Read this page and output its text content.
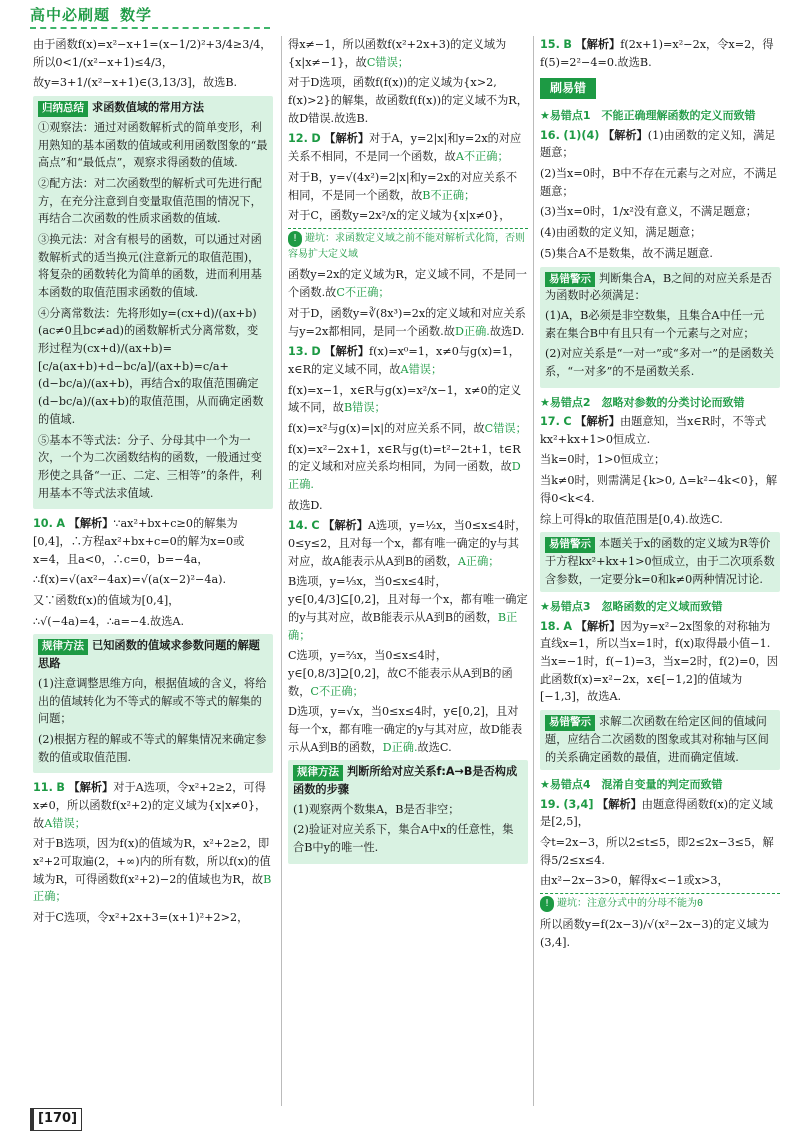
高中必刷题 数学

由于函数f(x)=x²−x+1=(x−1/2)²+3/4≥3/4，所以0<1/(x²−x+1)≤4/3，

故y=3+1/(x²−x+1)∈(3,13/3]，故选B.

归纳总结 求函数值域的常用方法

①观察法：通过对函数解析式的简单变形，利用熟知的基本函数的值域或利用函数图象的“最高点”和“最低点”，观察求得函数的值域.

②配方法：对二次函数型的解析式可先进行配方，在充分注意到自变量取值范围的情况下，再结合二次函数的性质求函数的值域.

③换元法：对含有根号的函数，可以通过对函数解析式的适当换元(注意新元的取值范围)，将复杂的函数转化为简单的函数，进而利用基本函数的取值范围求函数的值域.

④分离常数法：先将形如y=(cx+d)/(ax+b)(ac≠0且bc≠ad)的函数解析式分离常数，变形过程为(cx+d)/(ax+b)=[c/a(ax+b)+d−bc/a]/(ax+b)=c/a+(d−bc/a)/(ax+b)，再结合x的取值范围确定(d−bc/a)/(ax+b)的取值范围，从而确定函数的值域.

⑤基本不等式法：分子、分母其中一个为一次，一个为二次函数结构的函数，一般通过变形使之具备“一正、二定、三相等”的条件，利用基本不等式法求值域.

10. A 【解析】∵ax²+bx+c≥0的解集为[0,4]，∴方程ax²+bx+c=0的解为x=0或x=4，且a<0，∴c=0，b=−4a，

∴f(x)=√(ax²−4ax)=√(a(x−2)²−4a).

又∵函数f(x)的值域为[0,4]，

∴√(−4a)=4，∴a=−4.故选A.

规律方法 已知函数的值域求参数问题的解题思路

(1)注意调整思维方向，根据值域的含义，将给出的值域转化为不等式的解或不等式的解集的问题；

(2)根据方程的解或不等式的解集情况来确定参数的值或取值范围.

11. B 【解析】对于A选项，令x²+2≥2，可得x≠0，所以函数f(x²+2)的定义域为{x|x≠0}，故A错误；

对于B选项，因为f(x)的值域为R，x²+2≥2，即x²+2可取遍(2，+∞)内的所有数，所以f(x)的值域为R，可得函数f(x²+2)−2的值域也为R，故B正确；

对于C选项，令x²+2x+3=(x+1)²+2>2，

得x≠−1，所以函数f(x²+2x+3)的定义域为{x|x≠−1}，故C错误；

对于D选项，函数f(f(x))的定义域为{x>2, f(x)>2}的解集，故函数f(f(x))的定义域不为R，故D错误.故选B.

12. D 【解析】对于A，y=2|x|和y=2x的对应关系不相同，不是同一个函数，故A不正确；

对于B，y=√(4x²)=2|x|和y=2x的对应关系不相同，不是同一个函数，故B不正确；

对于C，函数y=2x²/x的定义域为{x|x≠0}，

! 避坑：求函数定义域之前不能对解析式化简，否则容易扩大定义域

函数y=2x的定义域为R，定义域不同，不是同一个函数.故C不正确；

对于D，函数y=∛(8x³)=2x的定义域和对应关系与y=2x都相同，是同一个函数.故D正确.故选D.

13. D 【解析】f(x)=x⁰=1，x≠0与g(x)=1，x∈R的定义域不同，故A错误；

f(x)=x−1，x∈R与g(x)=x²/x−1，x≠0的定义域不同，故B错误；

f(x)=x²与g(x)=|x|的对应关系不同，故C错误；

f(x)=x²−2x+1，x∈R与g(t)=t²−2t+1，t∈R的定义域和对应关系均相同，为同一函数，故D正确.

故选D.

14. C 【解析】A选项，y=½x，当0≤x≤4时，0≤y≤2，且对每一个x，都有唯一确定的y与其对应，故A能表示从A到B的函数，A正确；

B选项，y=⅓x，当0≤x≤4时，y∈[0,4/3]⊆[0,2]，且对每一个x，都有唯一确定的y与其对应，故B能表示从A到B的函数，B正确；

C选项，y=⅔x，当0≤x≤4时，y∈[0,8/3]⊇[0,2]，故C不能表示从A到B的函数，C不正确；

D选项，y=√x，当0≤x≤4时，y∈[0,2]，且对每一个x，都有唯一确定的y与其对应，故D能表示从A到B的函数，D正确.故选C.

规律方法 判断所给对应关系f:A→B是否构成函数的步骤

(1)观察两个数集A，B是否非空；

(2)验证对应关系下，集合A中x的任意性，集合B中y的唯一性.

15. B 【解析】f(2x+1)=x²−2x，令x=2，得f(5)=2²−4=0.故选B.

刷易错
★易错点1　不能正确理解函数的定义而致错

16. (1)(4) 【解析】(1)由函数的定义知，满足题意；

(2)当x=0时，B中不存在元素与之对应，不满足题意；

(3)当x=0时，1/x²没有意义，不满足题意；

(4)由函数的定义知，满足题意；

(5)集合A不是数集，故不满足题意.

易错警示 判断集合A，B之间的对应关系是否为函数时必须满足：

(1)A，B必须是非空数集，且集合A中任一元素在集合B中有且只有一个元素与之对应；

(2)对应关系是“一对一”或“多对一”的是函数关系，“一对多”的不是函数关系.

★易错点2　忽略对参数的分类讨论而致错

17. C 【解析】由题意知，当x∈R时，不等式kx²+kx+1>0恒成立.

当k=0时，1>0恒成立；

当k≠0时，则需满足{k>0, Δ=k²−4k<0}，解得0<k<4.

综上可得k的取值范围是[0,4).故选C.

易错警示 本题关于x的函数的定义域为R等价于方程kx²+kx+1>0恒成立，由于二次项系数含参数，一定要分k=0和k≠0两种情况讨论.
★易错点3　忽略函数的定义域而致错

18. A 【解析】因为y=x²−2x图象的对称轴为直线x=1，所以当x=1时，f(x)取得最小值−1.当x=−1时，f(−1)=3，当x=2时，f(2)=0，因此函数f(x)=x²−2x，x∈[−1,2]的值域为[−1,3]，故选A.

易错警示 求解二次函数在给定区间的值域问题，应结合二次函数的图象或其对称轴与区间的关系确定函数的最值，进而确定值域.
★易错点4　混淆自变量的判定而致错

19. (3,4] 【解析】由题意得函数f(x)的定义域是[2,5]，

令t=2x−3，所以2≤t≤5，即2≤2x−3≤5，解得5/2≤x≤4.

由x²−2x−3>0，解得x<−1或x>3，

! 避坑：注意分式中的分母不能为0

所以函数y=f(2x−3)/√(x²−2x−3)的定义域为(3,4].

[170]
